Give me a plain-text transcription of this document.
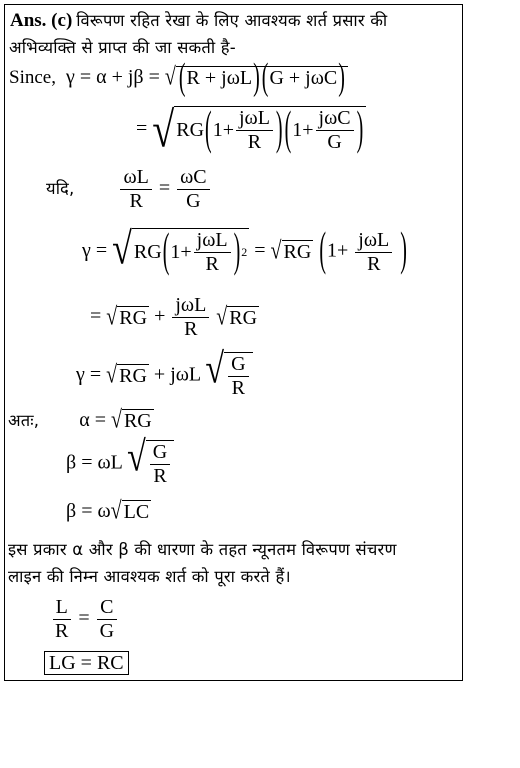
Ans. (c) विरूपण रहित रेखा के लिए आवश्यक शर्त प्रसार की
अभिव्यक्ति से प्राप्त की जा सकती है-
Since, γ = α + jβ = √ ( R
+
jωL ) ( G
+
jωC )
= √ RG ( $1 + \frac{\text{jωL}}{R}$ ) ( $1 + \frac{\text{jωC}}{G}$ )
यदि, $\frac{\omega L}{R} = \frac{\omega C}{G}$
γ = √ RG ( $1 + \frac{\text{jωL}}{R}$ ) 2 = √ RG ($1+ \frac{\text{jωL}}{R}$ )
= √ RG + $\frac{\text{jωL}}{R}$
√ RG
γ = √ RG + jωL √ $\frac{G}{R}$
अतः, α = √ RG
β = ωL √ $\frac{G}{R}$
β = ω √ LC
इस प्रकार α और β की धारणा के तहत न्यूनतम विरूपण संचरण
लाइन की निम्न आवश्यक शर्त को पूरा करते हैं।
$\frac{L}{R} = \frac{C}{G}$
LG = RC
